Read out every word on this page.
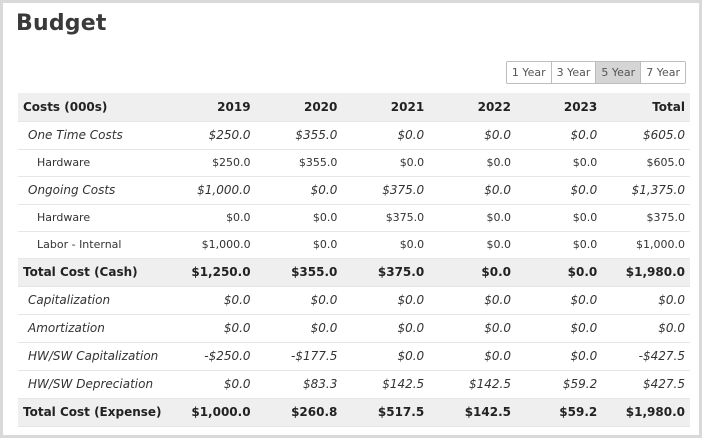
Budget
1 Year	3 Year	5 Year	7 Year
Costs (000s)	2019	2020	2021	2022	2023	Total
One Time Costs	$250.0	$355.0	$0.0	$0.0	$0.0	$605.0
Hardware	$250.0	$355.0	$0.0	$0.0	$0.0	$605.0
Ongoing Costs	$1,000.0	$0.0	$375.0	$0.0	$0.0	$1,375.0
Hardware	$0.0	$0.0	$375.0	$0.0	$0.0	$375.0
Labor - Internal	$1,000.0	$0.0	$0.0	$0.0	$0.0	$1,000.0
Total Cost (Cash)	$1,250.0	$355.0	$375.0	$0.0	$0.0	$1,980.0
Capitalization	$0.0	$0.0	$0.0	$0.0	$0.0	$0.0
Amortization	$0.0	$0.0	$0.0	$0.0	$0.0	$0.0
HW/SW Capitalization	-$250.0	-$177.5	$0.0	$0.0	$0.0	-$427.5
HW/SW Depreciation	$0.0	$83.3	$142.5	$142.5	$59.2	$427.5
Total Cost (Expense)	$1,000.0	$260.8	$517.5	$142.5	$59.2	$1,980.0
